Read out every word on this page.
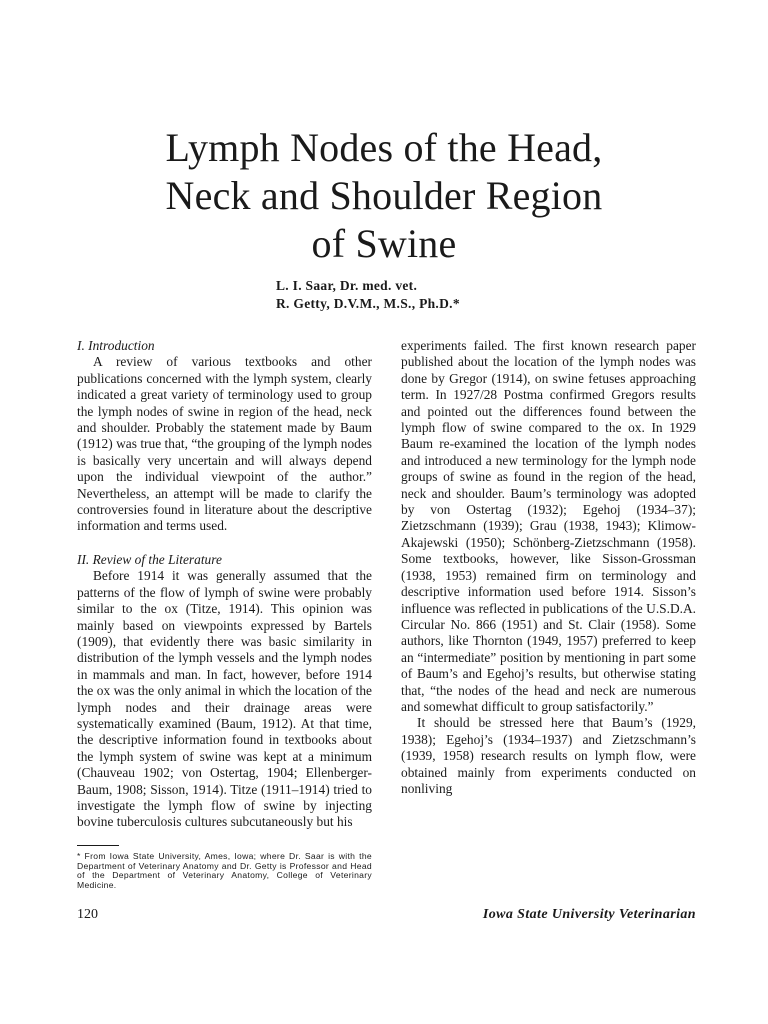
Lymph Nodes of the Head,
Neck and Shoulder Region
of Swine
L. I. Saar, Dr. med. vet.
R. Getty, D.V.M., M.S., Ph.D.*

I. Introduction

A review of various textbooks and other publications concerned with the lymph system, clearly indicated a great variety of terminology used to group the lymph nodes of swine in region of the head, neck and shoulder. Probably the statement made by Baum (1912) was true that, “the grouping of the lymph nodes is basically very uncertain and will always depend upon the individual viewpoint of the author.” Nevertheless, an attempt will be made to clarify the controversies found in literature about the descriptive information and terms used.

II. Review of the Literature

Before 1914 it was generally assumed that the patterns of the flow of lymph of swine were probably similar to the ox (Titze, 1914). This opinion was mainly based on viewpoints expressed by Bartels (1909), that evidently there was basic similarity in distribution of the lymph vessels and the lymph nodes in mammals and man. In fact, however, before 1914 the ox was the only animal in which the location of the lymph nodes and their drainage areas were systematically examined (Baum, 1912). At that time, the descriptive information found in textbooks about the lymph system of swine was kept at a minimum (Chauveau 1902; von Ostertag, 1904; Ellenberger-Baum, 1908; Sisson, 1914). Titze (1911–1914) tried to investigate the lymph flow of swine by injecting bovine tuberculosis cultures subcutaneously but his

experiments failed. The first known research paper published about the location of the lymph nodes was done by Gregor (1914), on swine fetuses approaching term. In 1927/28 Postma confirmed Gregors results and pointed out the differences found between the lymph flow of swine compared to the ox. In 1929 Baum re-examined the location of the lymph nodes and introduced a new terminology for the lymph node groups of swine as found in the region of the head, neck and shoulder. Baum’s terminology was adopted by von Ostertag (1932); Egehoj (1934–37); Zietzschmann (1939); Grau (1938, 1943); Klimow-Akajewski (1950); Schönberg-Zietzschmann (1958). Some textbooks, however, like Sisson-Grossman (1938, 1953) remained firm on terminology and descriptive information used before 1914. Sisson’s influence was reflected in publications of the U.S.D.A. Circular No. 866 (1951) and St. Clair (1958). Some authors, like Thornton (1949, 1957) preferred to keep an “intermediate” position by mentioning in part some of Baum’s and Egehoj’s results, but otherwise stating that, “the nodes of the head and neck are numerous and somewhat difficult to group satisfactorily.”

It should be stressed here that Baum’s (1929, 1938); Egehoj’s (1934–1937) and Zietzschmann’s (1939, 1958) research results on lymph flow, were obtained mainly from experiments conducted on nonliving

* From Iowa State University, Ames, Iowa; where Dr. Saar is with the Department of Veterinary Anatomy and Dr. Getty is Professor and Head of the Department of Veterinary Anatomy, College of Veterinary Medicine.
120	Iowa State University Veterinarian
